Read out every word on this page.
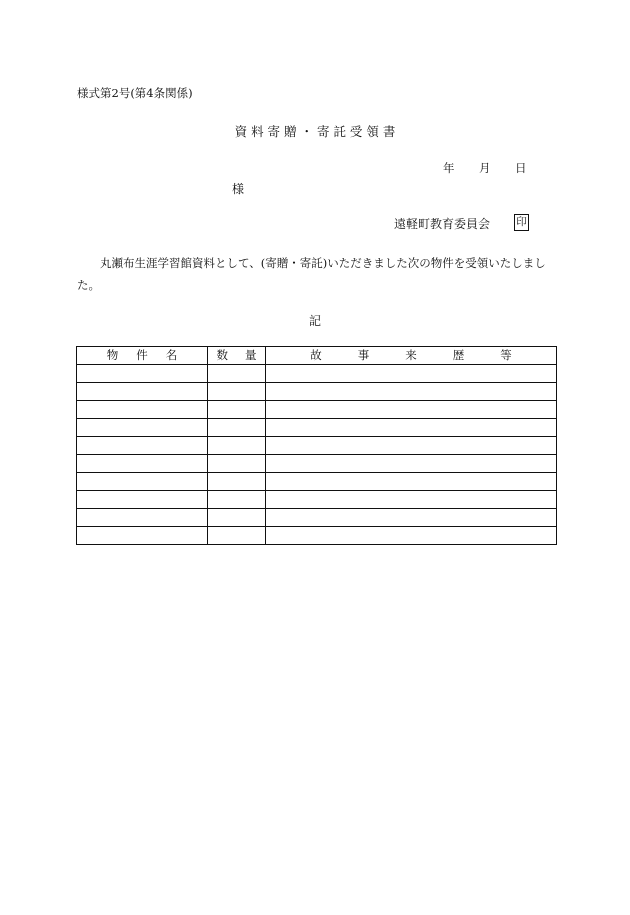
様式第2号(第4条関係)
資 料 寄 贈 ・ 寄 託 受 領 書
年 月 日
様
遠軽町教育委員会 印
丸瀬布生涯学習館資料として、(寄贈・寄託)いただきました次の物件を受領いたしました。
記
物件名	数量	故事来歴等
